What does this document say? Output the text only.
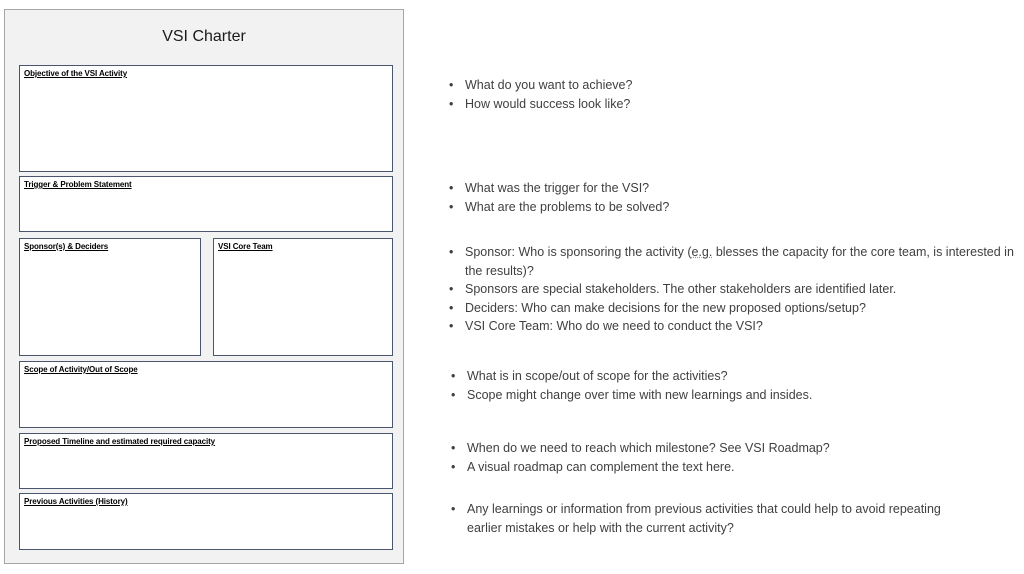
VSI Charter
Objective of the VSI Activity
Trigger & Problem Statement
Sponsor(s) & Deciders	VSI Core Team
Scope of Activity/Out of Scope
Proposed Timeline and estimated required capacity
Previous Activities (History)
• What do you want to achieve?
• How would success look like?
• What was the trigger for the VSI?
• What are the problems to be solved?
• Sponsor: Who is sponsoring the activity (e.g. blesses the capacity for the core team, is interested in the results)?
• Sponsors are special stakeholders. The other stakeholders are identified later.
• Deciders: Who can make decisions for the new proposed options/setup?
• VSI Core Team: Who do we need to conduct the VSI?
• What is in scope/out of scope for the activities?
• Scope might change over time with new learnings and insides.
• When do we need to reach which milestone? See VSI Roadmap?
• A visual roadmap can complement the text here.
• Any learnings or information from previous activities that could help to avoid repeating earlier mistakes or help with the current activity?
